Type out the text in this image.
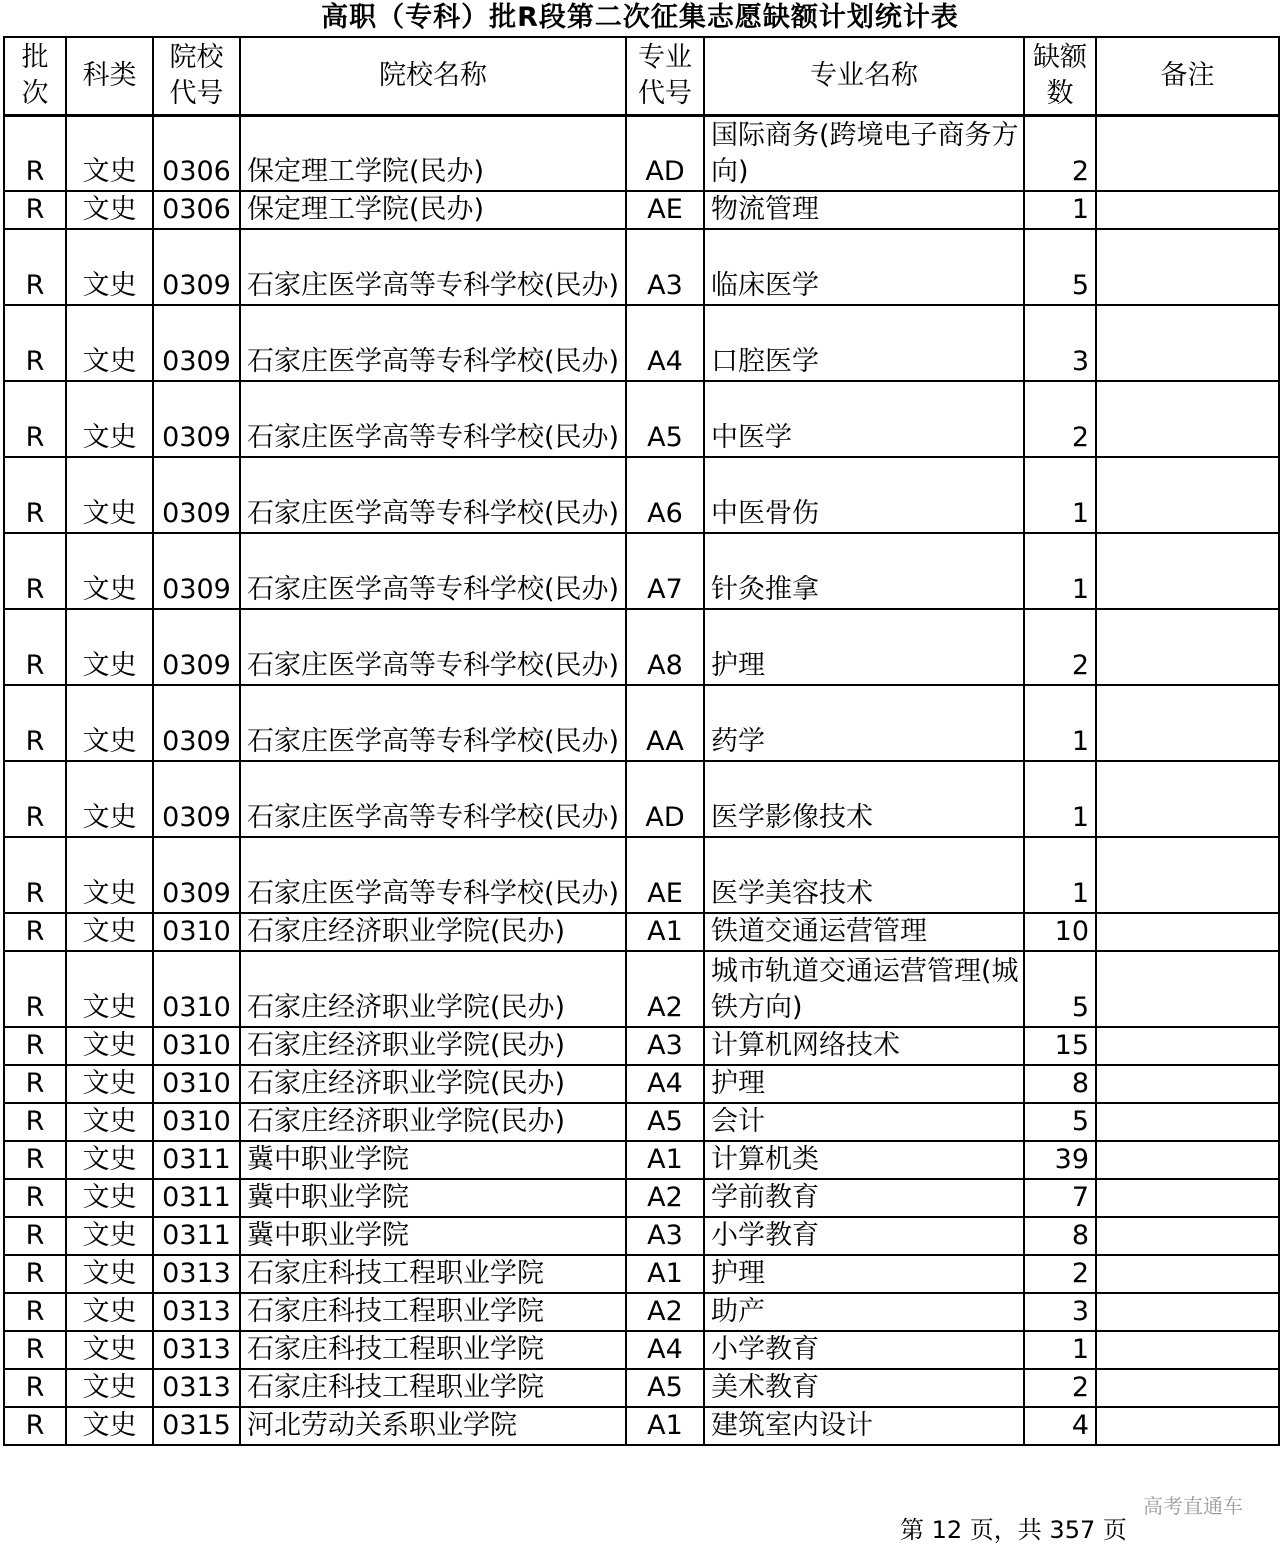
高职（专科）批R段第二次征集志愿缺额计划统计表
批次	科类	院校代号	院校名称	专业代号	专业名称	缺额数	备注
R	文史	0306	保定理工学院(民办)	AD	国际商务(跨境电子商务方向)	2	
R	文史	0306	保定理工学院(民办)	AE	物流管理	1	
R	文史	0309	石家庄医学高等专科学校(民办)	A3	临床医学	5	
R	文史	0309	石家庄医学高等专科学校(民办)	A4	口腔医学	3	
R	文史	0309	石家庄医学高等专科学校(民办)	A5	中医学	2	
R	文史	0309	石家庄医学高等专科学校(民办)	A6	中医骨伤	1	
R	文史	0309	石家庄医学高等专科学校(民办)	A7	针灸推拿	1	
R	文史	0309	石家庄医学高等专科学校(民办)	A8	护理	2	
R	文史	0309	石家庄医学高等专科学校(民办)	AA	药学	1	
R	文史	0309	石家庄医学高等专科学校(民办)	AD	医学影像技术	1	
R	文史	0309	石家庄医学高等专科学校(民办)	AE	医学美容技术	1	
R	文史	0310	石家庄经济职业学院(民办)	A1	铁道交通运营管理	10	
R	文史	0310	石家庄经济职业学院(民办)	A2	城市轨道交通运营管理(城铁方向)	5	
R	文史	0310	石家庄经济职业学院(民办)	A3	计算机网络技术	15	
R	文史	0310	石家庄经济职业学院(民办)	A4	护理	8	
R	文史	0310	石家庄经济职业学院(民办)	A5	会计	5	
R	文史	0311	冀中职业学院	A1	计算机类	39	
R	文史	0311	冀中职业学院	A2	学前教育	7	
R	文史	0311	冀中职业学院	A3	小学教育	8	
R	文史	0313	石家庄科技工程职业学院	A1	护理	2	
R	文史	0313	石家庄科技工程职业学院	A2	助产	3	
R	文史	0313	石家庄科技工程职业学院	A4	小学教育	1	
R	文史	0313	石家庄科技工程职业学院	A5	美术教育	2	
R	文史	0315	河北劳动关系职业学院	A1	建筑室内设计	4	
第 12 页，共 357 页
高考直通车
